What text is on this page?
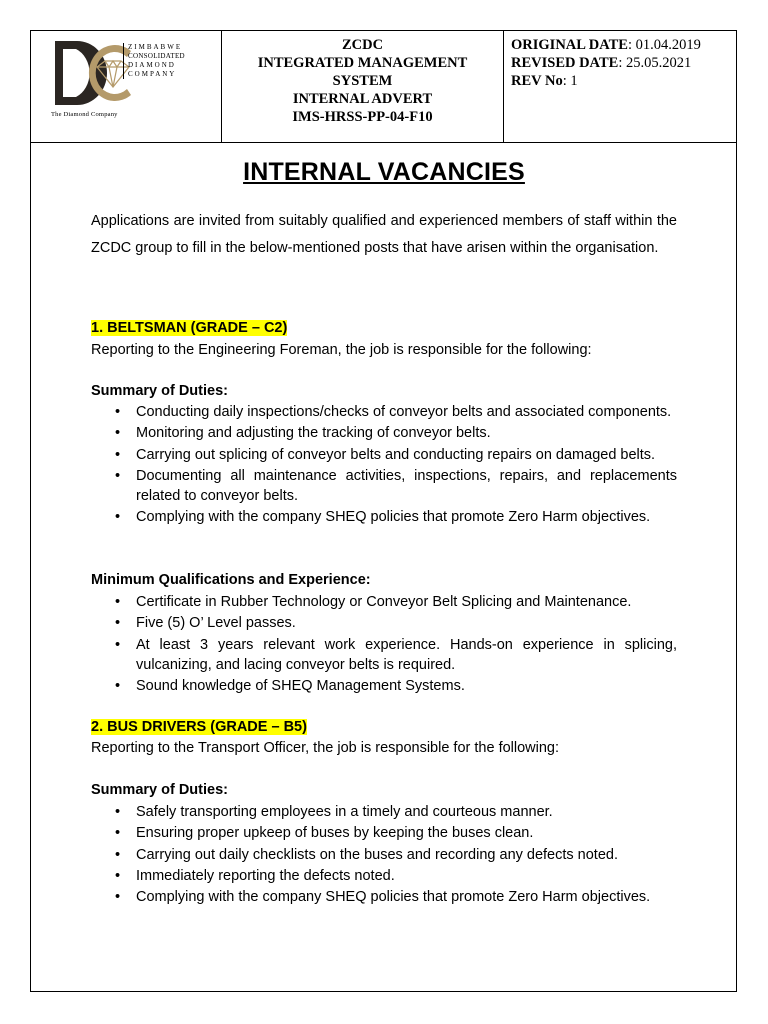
ZIMBABWE
CONSOLIDATED
DIAMOND
COMPANY
The Diamond Company

ZCDC
INTEGRATED MANAGEMENT
SYSTEM
INTERNAL ADVERT
IMS-HRSS-PP-04-F10

ORIGINAL DATE: 01.04.2019
REVISED DATE: 25.05.2021
REV No: 1
INTERNAL VACANCIES
Applications are invited from suitably qualified and experienced members of staff within the ZCDC group to fill in the below-mentioned posts that have arisen within the organisation.
1. BELTSMAN (GRADE – C2)
Reporting to the Engineering Foreman, the job is responsible for the following:
Summary of Duties:
• Conducting daily inspections/checks of conveyor belts and associated components.
• Monitoring and adjusting the tracking of conveyor belts.
• Carrying out splicing of conveyor belts and conducting repairs on damaged belts.
• Documenting all maintenance activities, inspections, repairs, and replacements related to conveyor belts.
• Complying with the company SHEQ policies that promote Zero Harm objectives.
Minimum Qualifications and Experience:
• Certificate in Rubber Technology or Conveyor Belt Splicing and Maintenance.
• Five (5) O’ Level passes.
• At least 3 years relevant work experience. Hands-on experience in splicing, vulcanizing, and lacing conveyor belts is required.
• Sound knowledge of SHEQ Management Systems.
2. BUS DRIVERS (GRADE – B5)
Reporting to the Transport Officer, the job is responsible for the following:
Summary of Duties:
• Safely transporting employees in a timely and courteous manner.
• Ensuring proper upkeep of buses by keeping the buses clean.
• Carrying out daily checklists on the buses and recording any defects noted.
• Immediately reporting the defects noted.
• Complying with the company SHEQ policies that promote Zero Harm objectives.
